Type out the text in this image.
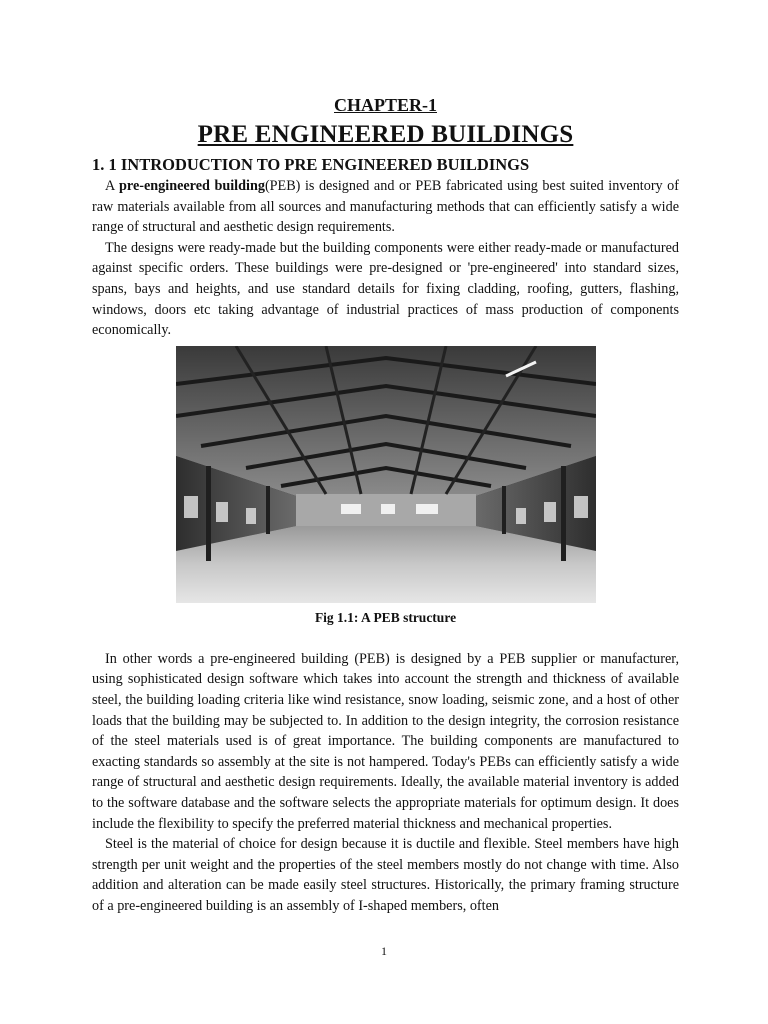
CHAPTER-1
PRE ENGINEERED BUILDINGS
1. 1 INTRODUCTION TO PRE ENGINEERED BUILDINGS

A pre-engineered building(PEB) is designed and or PEB fabricated using best suited inventory of raw materials available from all sources and manufacturing methods that can efficiently satisfy a wide range of structural and aesthetic design requirements.

The designs were ready-made but the building components were either ready-made or manufactured against specific orders. These buildings were pre-designed or 'pre-engineered' into standard sizes, spans, bays and heights, and use standard details for fixing cladding, roofing, gutters, flashing, windows, doors etc taking advantage of industrial practices of mass production of components economically.

Fig 1.1: A PEB structure

In other words a pre-engineered building (PEB) is designed by a PEB supplier or manufacturer, using sophisticated design software which takes into account the strength and thickness of available steel, the building loading criteria like wind resistance, snow loading, seismic zone, and a host of other loads that the building may be subjected to. In addition to the design integrity, the corrosion resistance of the steel materials used is of great importance. The building components are manufactured to exacting standards so assembly at the site is not hampered. Today's PEBs can efficiently satisfy a wide range of structural and aesthetic design requirements. Ideally, the available material inventory is added to the software database and the software selects the appropriate materials for optimum design. It does include the flexibility to specify the preferred material thickness and mechanical properties.

Steel is the material of choice for design because it is ductile and flexible. Steel members have high strength per unit weight and the properties of the steel members mostly do not change with time. Also addition and alteration can be made easily steel structures. Historically, the primary framing structure of a pre-engineered building is an assembly of I-shaped members, often

1
